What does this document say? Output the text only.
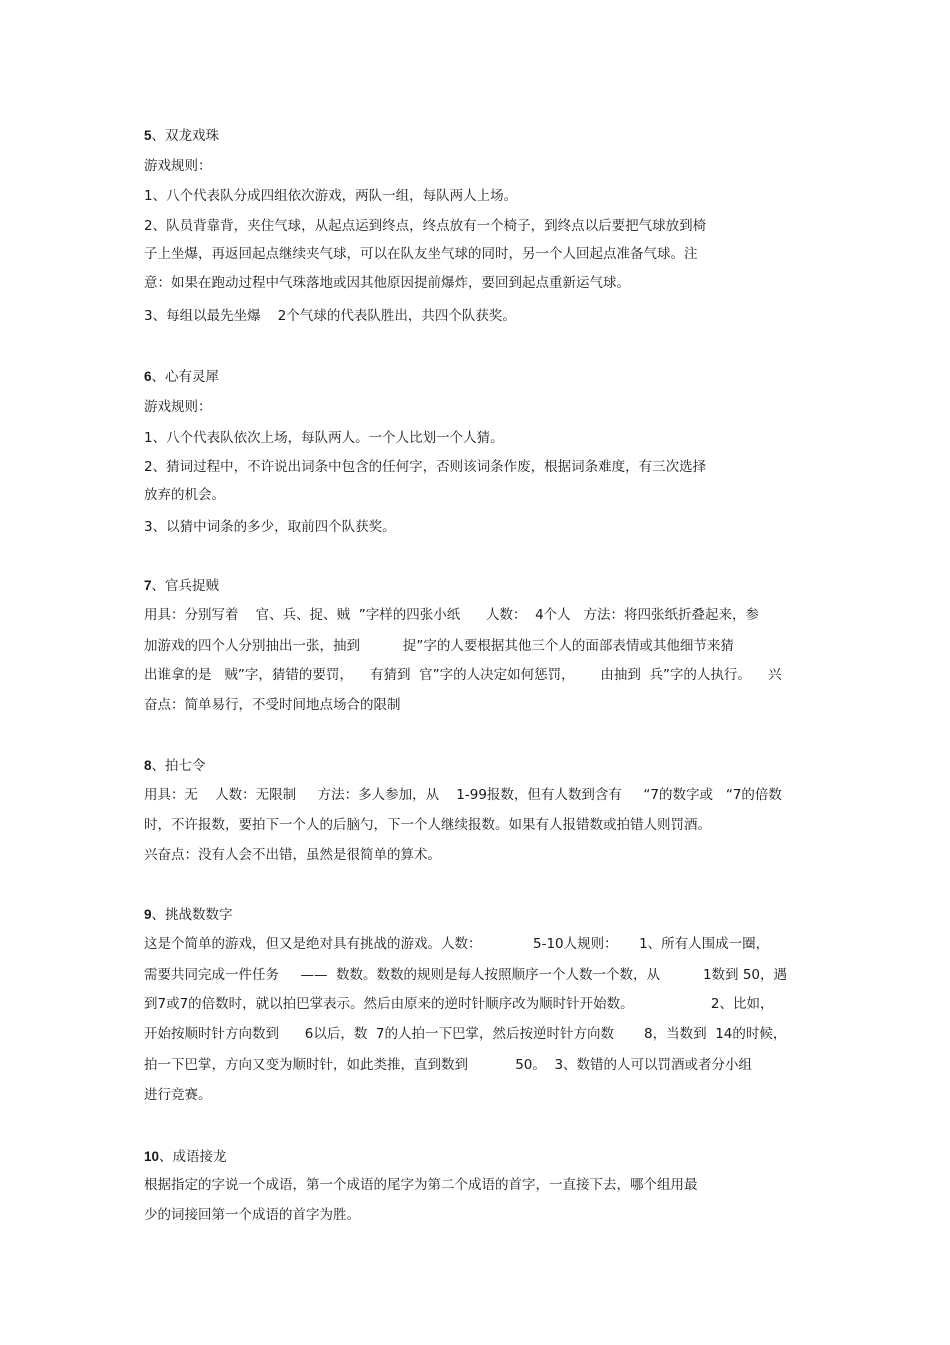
5、双龙戏珠
游戏规则：
1、八个代表队分成四组依次游戏，两队一组，每队两人上场。
2、队员背靠背，夹住气球，从起点运到终点，终点放有一个椅子，到终点以后要把气球放到椅
子上坐爆，再返回起点继续夹气球，可以在队友坐气球的同时，另一个人回起点准备气球。注
意：如果在跑动过程中气珠落地或因其他原因提前爆炸，要回到起点重新运气球。
3、每组以最先坐爆    2个气球的代表队胜出，共四个队获奖。
6、心有灵犀
游戏规则：
1、八个代表队依次上场，每队两人。一个人比划一个人猜。
2、猜词过程中，不许说出词条中包含的任何字，否则该词条作废，根据词条难度，有三次选择
放弃的机会。
3、以猜中词条的多少，取前四个队获奖。
7、官兵捉贼
用具：分别写着    官、兵、捉、贼  ”字样的四张小纸      人数：  4个人   方法：将四张纸折叠起来，参
加游戏的四个人分别抽出一张，抽到          捉”字的人要根据其他三个人的面部表情或其他细节来猜
出谁拿的是   贼”字，猜错的要罚，    有猜到  官”字的人决定如何惩罚，      由抽到  兵”字的人执行。    兴
奋点：简单易行，不受时间地点场合的限制
8、拍七令
用具：无    人数：无限制     方法：多人参加，从    1-99报数，但有人数到含有     “7的数字或   “7的倍数
时，不许报数，要拍下一个人的后脑勺，下一个人继续报数。如果有人报错数或拍错人则罚酒。
兴奋点：没有人会不出错，虽然是很简单的算术。
9、挑战数数字
这是个简单的游戏，但又是绝对具有挑战的游戏。人数：            5-10人规则：     1、所有人围成一圈，
需要共同完成一件任务     ——  数数。数数的规则是每人按照顺序一个人数一个数，从          1数到 50，遇
到7或7的倍数时，就以拍巴掌表示。然后由原来的逆时针顺序改为顺时针开始数。                  2、比如，
开始按顺时针方向数到      6以后，数  7的人拍一下巴掌，然后按逆时针方向数       8，当数到  14的时候，
拍一下巴掌，方向又变为顺时针，如此类推，直到数到           50。  3、数错的人可以罚酒或者分小组
进行竞赛。
10、成语接龙
根据指定的字说一个成语，第一个成语的尾字为第二个成语的首字，一直接下去，哪个组用最
少的词接回第一个成语的首字为胜。
